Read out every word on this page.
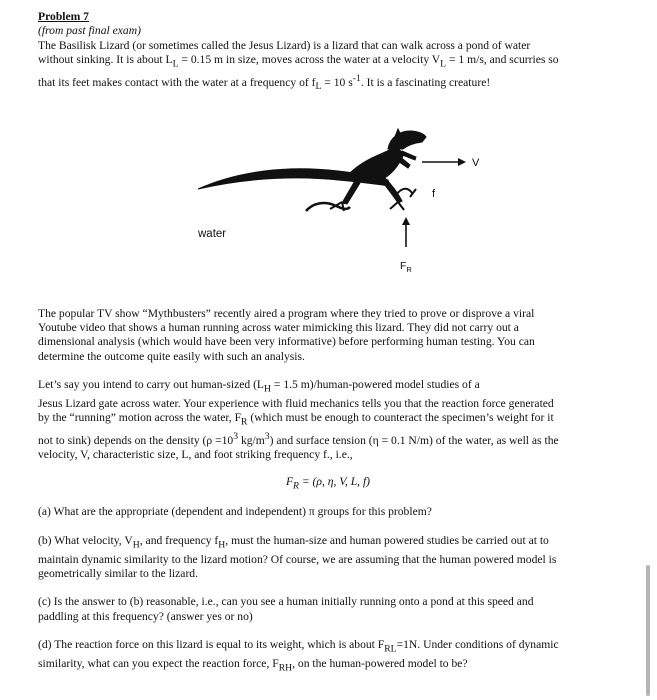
Problem 7

(from past final exam)

The Basilisk Lizard (or sometimes called the Jesus Lizard) is a lizard that can walk across a pond of water

without sinking. It is about $L_L = 0.15$ m in size, moves across the water at a velocity $V_L = 1$ m/s, and scurries so

that its feet makes contact with the water at a frequency of $f_L = 10$ $s^{-1}$. It is a fascinating creature!

V
f
water
$F_R$

The popular TV show “Mythbusters” recently aired a program where they tried to prove or disprove a viral

Youtube video that shows a human running across water mimicking this lizard. They did not carry out a

dimensional analysis (which would have been very informative) before performing human testing. You can

determine the outcome quite easily with such an analysis.

Let’s say you intend to carry out human-sized ($L_H = 1.5$ m)/human-powered model studies of a

Jesus Lizard gate across water. Your experience with fluid mechanics tells you that the reaction force generated

by the “running” motion across the water, $F_R$ (which must be enough to counteract the specimen’s weight for it

not to sink) depends on the density ($\rho =10^3$ $kg/m^3$) and surface tension (η = 0.1 N/m) of the water, as well as the

velocity, V, characteristic size, L, and foot striking frequency f., i.e.,

$F_R = (\rho$, η, V, L, f)

(a) What are the appropriate (dependent and independent) π groups for this problem?

(b) What velocity, $V_H$, and frequency $f_H$, must the human-size and human powered studies be carried out at to

maintain dynamic similarity to the lizard motion? Of course, we are assuming that the human powered model is

geometrically similar to the lizard.

(c) Is the answer to (b) reasonable, i.e., can you see a human initially running onto a pond at this speed and

paddling at this frequency? (answer yes or no)

(d) The reaction force on this lizard is equal to its weight, which is about $F_{RL}=1N$. Under conditions of dynamic

similarity, what can you expect the reaction force, $F_{RH}$, on the human-powered model to be?
